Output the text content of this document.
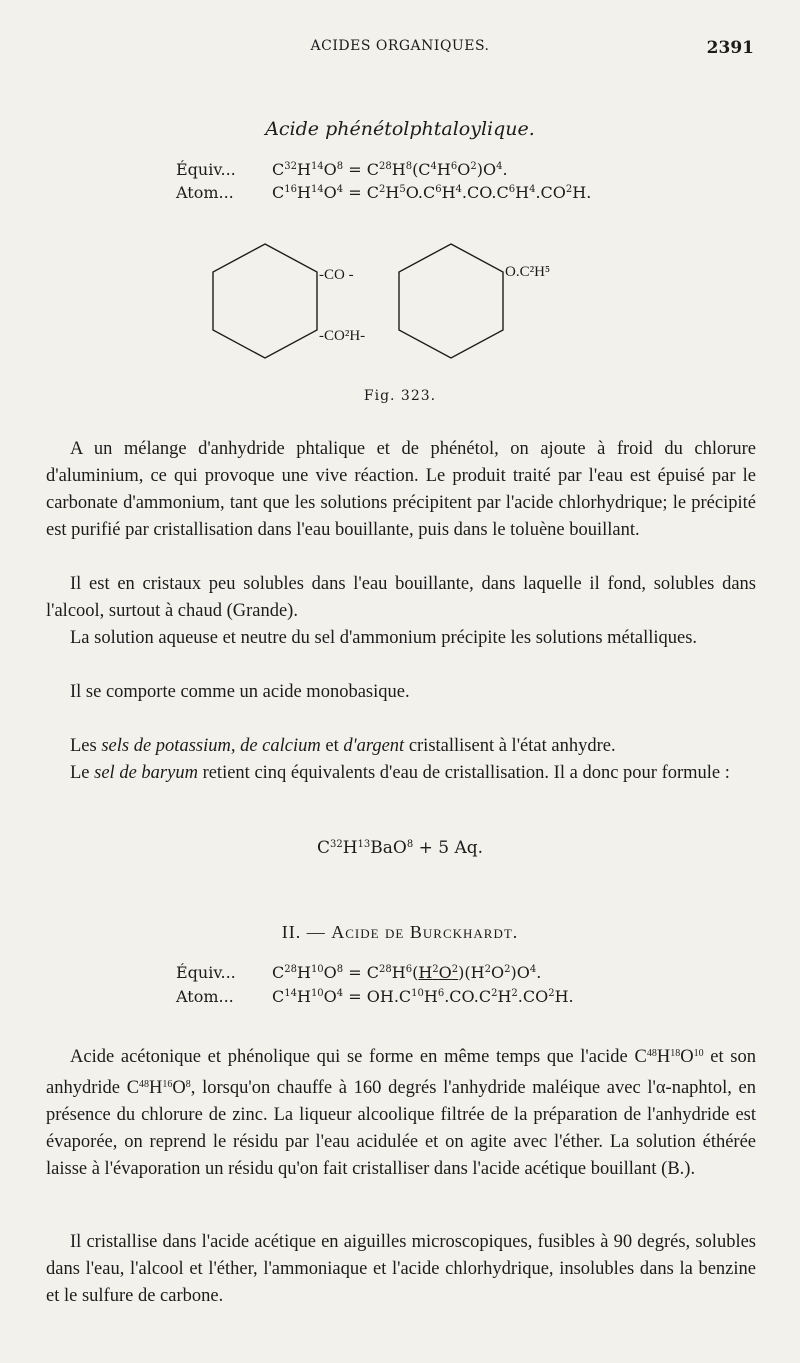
ACIDES ORGANIQUES.	2391
Acide phénétolphtaloylique.
Équiv... $C^{32}H^{14}O^8 = C^{28}H^8(C^4H^6O^2)O^4$.
Atom... $C^{16}H^{14}O^4 = C^2H^5O.C^6H^4.CO.C^6H^4.CO^2H$.
-CO -
-CO²H-
O.C²H⁵
Fig. 323.
A un mélange d'anhydride phtalique et de phénétol, on ajoute à froid du chlorure d'aluminium, ce qui provoque une vive réaction. Le produit traité par l'eau est épuisé par le carbonate d'ammonium, tant que les solutions précipitent par l'acide chlorhydrique; le précipité est purifié par cristallisation dans l'eau bouillante, puis dans le toluène bouillant.
Il est en cristaux peu solubles dans l'eau bouillante, dans laquelle il fond, solubles dans l'alcool, surtout à chaud (Grande).
La solution aqueuse et neutre du sel d'ammonium précipite les solutions métalliques.
Il se comporte comme un acide monobasique.
Les sels de potassium, de calcium et d'argent cristallisent à l'état anhydre.
Le sel de baryum retient cinq équivalents d'eau de cristallisation. Il a donc pour formule :
$C^{32}H^{13}BaO^8 + 5$ Aq.
II. — Acide de Burckhardt.
Équiv... $C^{28}H^{10}O^8 = C^{28}H^6(H^2O^2)(H^2O^2)O^4$.
Atom... $C^{14}H^{10}O^4 = OH.C^{10}H^6.CO.C^2H^2.CO^2H$.
Acide acétonique et phénolique qui se forme en même temps que l'acide $C^{48}H^{18}O^{10}$ et son anhydride $C^{48}H^{16}O^8$, lorsqu'on chauffe à 160 degrés l'anhydride maléique avec l'α-naphtol, en présence du chlorure de zinc. La liqueur alcoolique filtrée de la préparation de l'anhydride est évaporée, on reprend le résidu par l'eau acidulée et on agite avec l'éther. La solution éthérée laisse à l'évaporation un résidu qu'on fait cristalliser dans l'acide acétique bouillant (B.).
Il cristallise dans l'acide acétique en aiguilles microscopiques, fusibles à 90 degrés, solubles dans l'eau, l'alcool et l'éther, l'ammoniaque et l'acide chlorhydrique, insolubles dans la benzine et le sulfure de carbone.
